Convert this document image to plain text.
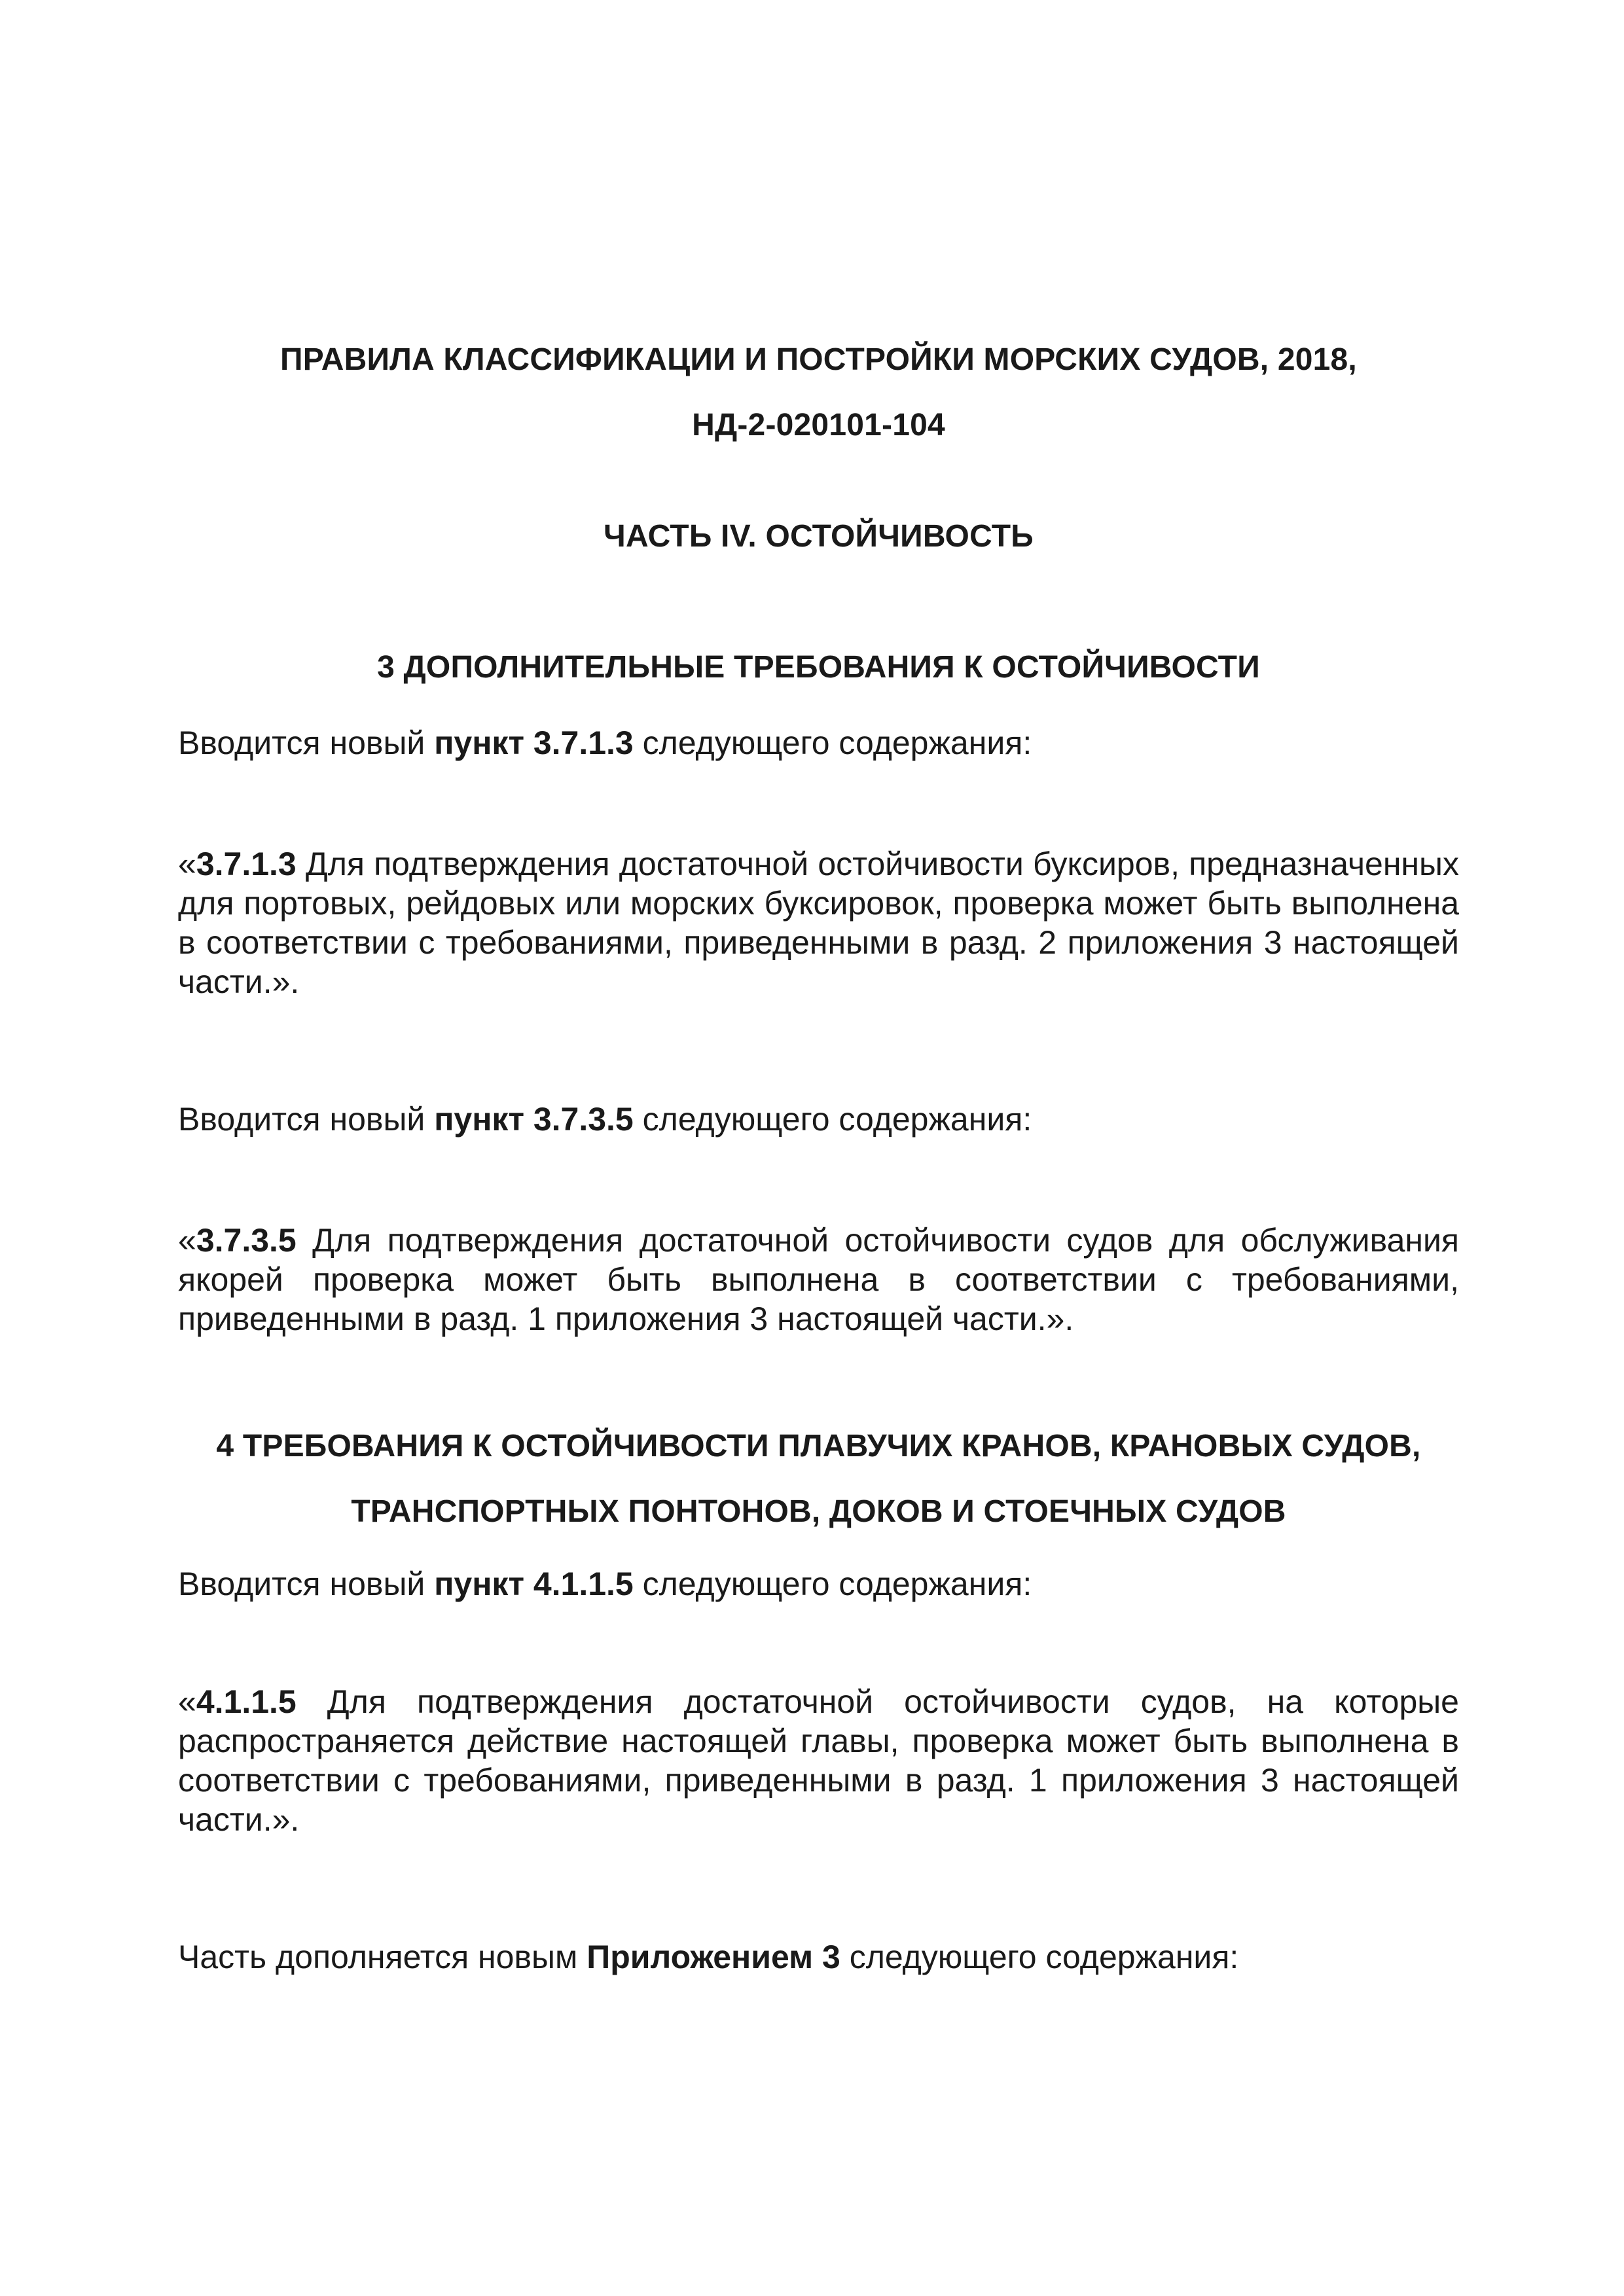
ПРАВИЛА КЛАССИФИКАЦИИ И ПОСТРОЙКИ МОРСКИХ СУДОВ, 2018,
НД-2-020101-104
ЧАСТЬ IV. ОСТОЙЧИВОСТЬ
3 ДОПОЛНИТЕЛЬНЫЕ ТРЕБОВАНИЯ К ОСТОЙЧИВОСТИ
Вводится новый пункт 3.7.1.3 следующего содержания:
«3.7.1.3 Для подтверждения достаточной остойчивости буксиров, предназначенных для портовых, рейдовых или морских буксировок, проверка может быть выполнена в соответствии с требованиями, приведенными в разд. 2 приложения 3 настоящей части.».
Вводится новый пункт 3.7.3.5 следующего содержания:
«3.7.3.5 Для подтверждения достаточной остойчивости судов для обслуживания якорей проверка может быть выполнена в соответствии с требованиями, приведенными в разд. 1 приложения 3 настоящей части.».
4 ТРЕБОВАНИЯ К ОСТОЙЧИВОСТИ ПЛАВУЧИХ КРАНОВ, КРАНОВЫХ СУДОВ,
ТРАНСПОРТНЫХ ПОНТОНОВ, ДОКОВ И СТОЕЧНЫХ СУДОВ
Вводится новый пункт 4.1.1.5 следующего содержания:
«4.1.1.5 Для подтверждения достаточной остойчивости судов, на которые распространяется действие настоящей главы, проверка может быть выполнена в соответствии с требованиями, приведенными в разд. 1 приложения 3 настоящей части.».
Часть дополняется новым Приложением 3 следующего содержания:
